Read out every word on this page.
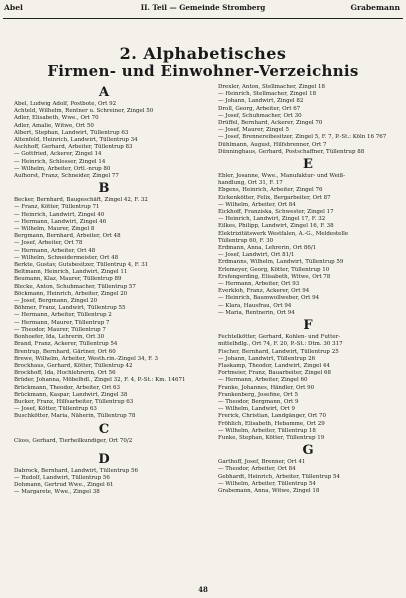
Abel	II. Teil — Gemeinde Stromberg	Grabemann
2. Alphabetisches
Firmen- und Einwohner-Verzeichnis
A
Abel, Ludwig Adolf, Postbote, Ort 92
Achteld, Wilhelm, Rentner u. Schreiner, Zingel 50
Adler, Elisabeth, Wwe., Ort 70
Adler, Amalie, Witwe, Ort 50
Albert, Stephan, Landwirt, Tüllentrup 63
Altenfeld, Heinrich, Landwirt, Tüllentrup 34
Aschhoff, Gerhard, Arbeiter, Tüllentrup 83
— Gottfried, Ackerer, Zingel 14
— Heinrich, Schlosser, Zingel 14
— Wilhelm, Arbeiter, Ortl.-nrup 80
Aufhorst, Franz, Schneider, Zingel 77
B
Becker, Bernhard, Baugeschäft, Zingel 42, F. 32
— Franz, Kötter, Tüllentrup 71
— Heinrich, Landwirt, Zingel 40
— Hermann, Landwirt, Zingel 46
— Wilhelm, Maurer, Zingel 8
Bergmann, Bernhard, Arbeiter, Ort 48
— Josef, Arbeiter, Ort 78
— Hermann, Arbeiter, Ort 48
— Wilhelm, Schneidermeister, Ort 48
Berkte, Gustav, Gutsbesitzer, Tüllentrup 4, F. 31
Beltmann, Heinrich, Landwirt, Zingel 11
Beumann, Klaz, Maurer, Tüllentrup 89
Blecke, Anton, Schuhmacher, Tüllentrup 57
Böckmann, Heinrich, Arbeiter, Zingel 20
— Josef, Bergmann, Zingel 20
Böhmer, Franz, Landwirt, Tüllentrup 55
— Hermann, Arbeiter, Tüllentrup 2
— Hermann, Maurer, Tüllentrup 7
— Theodor, Maurer, Tüllentrup 7
Bonhoefer, Ida, Lehrerin, Ort 30
Brand, Franz, Ackerer, Tüllentrup 54
Brentrup, Bernhard, Gärtner, Ort 60
Brewe, Wilhelm, Arbeiter, Westh.rin.-Zingel 34, F. 3
Brockhaus, Gerhard, Kötter, Tüllentrup 42
Brockhoff, Ida, Hochlehrerin, Ort 56
Brüder, Johanna, Möbelhdl., Zingel 32, F. 4, P.-St.: Km. 14671
Brückmann, Theodor, Arbeiter, Ort 63
Brückmann, Kaspar, Landwirt, Zingel 38
Bucker, Franz, Hilfsarbeiter, Tüllentrup 63
— Josef, Kötter, Tüllentrup 63
Buschkötter, Maria, Näherin, Tüllentrup 78
C
Closs, Gerhard, Tierheilkundiger, Ort 70/2
D
Dabrock, Bernhard, Landwirt, Tüllentrup 56
— Rudolf, Landwirt, Tüllentrup 56
Dohmann, Gertrud Wwe., Zingel 61
— Margarete, Wwe., Zingel 38
Drexler, Anton, Stellmacher, Zingel 18
— Heinrich, Stellmacher, Zingel 18
— Johann, Landwirt, Zingel 82
Droll, Georg, Arbeiter, Ort 67
— Josef, Schuhmacher, Ort 30
Drüffel, Bernhard, Ackerer, Zingel 70
— Josef, Maurer, Zingel 5
— Josef, Brennereibesitzer, Zingel 5, F. 7, P.-St.: Köln 16 767
Dühlmann, August, Hilfsbrenner, Ort 7
Dünninghaus, Gerhard, Postschaffner, Tüllentrup 88
E
Ebler, Josanne, Wwe., Manufaktur- und Weiß-
handlung, Ort 31, F. 17
Ebgens, Heinrich, Arbeiter, Zingel 76
Eickenkötter, Felix, Bergarbeiter, Ort 87
— Wilhelm, Arbeiter, Ort 84
Eickhoff, Franziska, Schwester, Zingel 17
— Heinrich, Landwirt, Zingel 17, F. 32
Eilkes, Philipp, Landwirt, Zingel 16, F. 38
Elektrizitätswerk Westfalen, A.-G., Meldestelle
Tüllentrup 60, F. 30
Erdmann, Anna, Lehrerin, Ort 86/1
— Josef, Landwirt, Ort 81/1
Erdmanns, Wilhelm, Landwirt, Tüllentrup 59
Erlemeyer, Georg, Kötter, Tüllentrup 10
Ersfengerding, Elisabeth, Witwe, Ort 78
— Hermann, Arbeiter, Ort 93
Everkloh, Franz, Ackerer, Ort 94
— Heinrich, Baumwollweber, Ort 94
— Klara, Hausfrau, Ort 94
— Maria, Rentnerin, Ort 94
F
Fechtelkötter, Gerhard, Kohlen- und Futter-
mittelhdlg., Ort 74, F. 20, P.-St.: Dtm. 30 317
Fischer, Bernhard, Landwirt, Tüllentrup 25
— Johann, Landwirt, Tüllentrup 26
Flaskamp, Theodor, Landwirt, Zingel 44
Fortmeier, Franz, Bauarbeiter, Zingel 68
— Hermann, Arbeiter, Zingel 60
Franke, Johannes, Händler, Ort 90
Frankenberg, Josefine, Ort 5
— Theodor, Bergmann, Ort 9
— Wilhelm, Landwirt, Ort 9
Frerick, Christian, Landgänger, Ort 70
Fröhlich, Elisabeth, Hebamme, Ort 29
— Wilhelm, Arbeiter, Tüllentrup 18
Funke, Stephan, Kötter, Tüllentrup 19
G
Garthoff, Josef, Brenner, Ort 41
— Theodor, Arbeiter, Ort 84
Gebhardt, Heinrich, Arbeiter, Tüllentrup 54
— Wilhelm, Arbeiter, Tüllentrup 54
Grabemann, Anna, Witwe, Zingel 18
48
